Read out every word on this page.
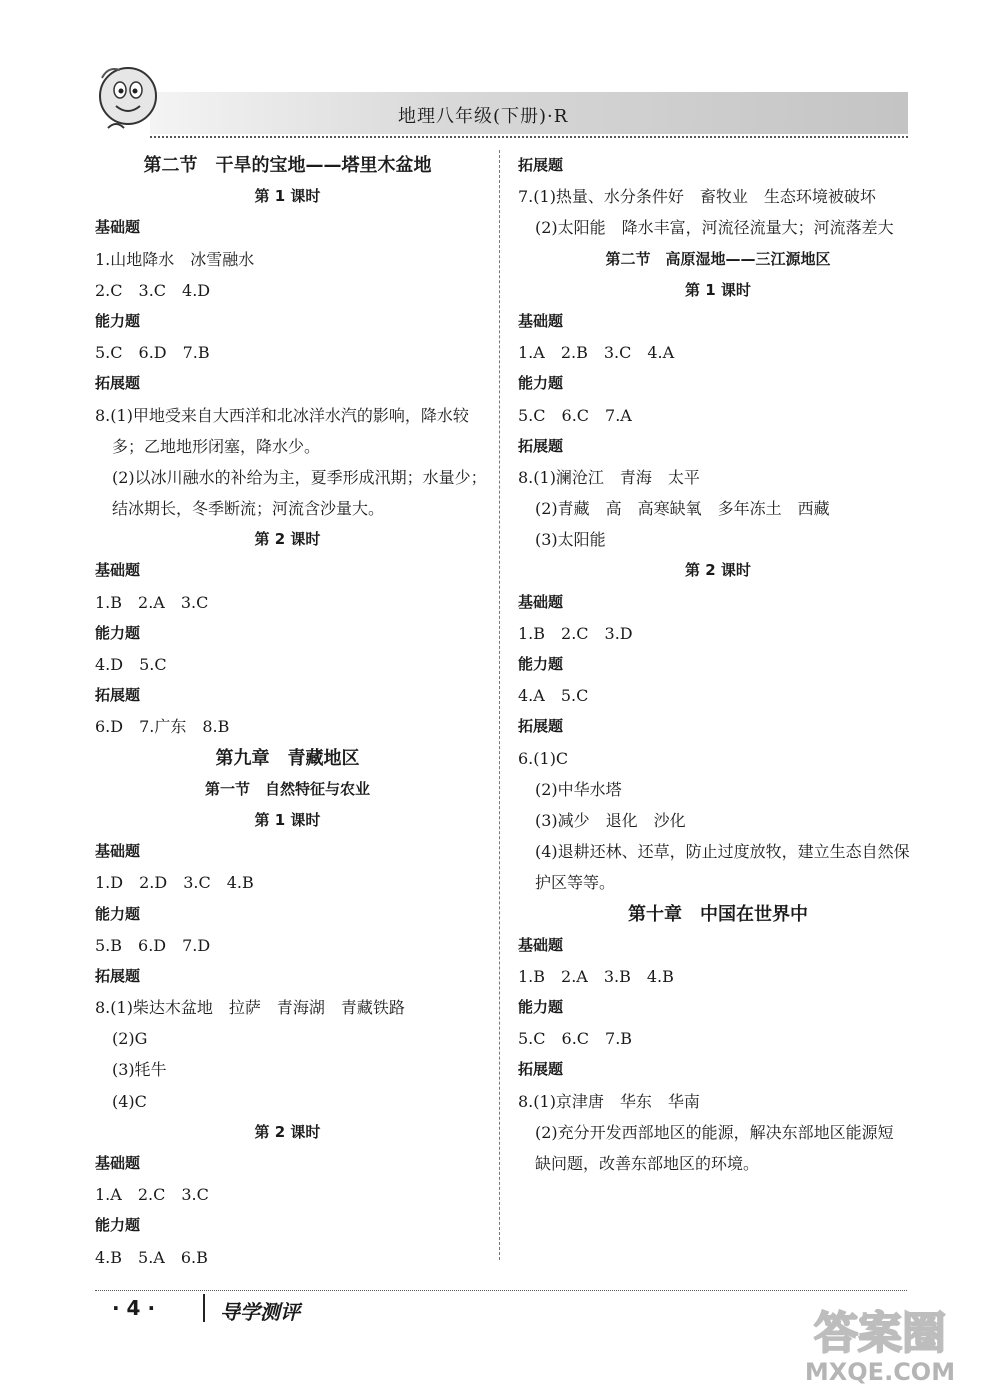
地理八年级(下册)·R
第二节　干旱的宝地——塔里木盆地
第 1 课时
基础题
1.山地降水　冰雪融水
2.C　3.C　4.D
能力题
5.C　6.D　7.B
拓展题
8.(1)甲地受来自大西洋和北冰洋水汽的影响，降水较
多；乙地地形闭塞，降水少。
(2)以冰川融水的补给为主，夏季形成汛期；水量少；
结冰期长，冬季断流；河流含沙量大。
第 2 课时
基础题
1.B　2.A　3.C
能力题
4.D　5.C
拓展题
6.D　7.广东　8.B
第九章　青藏地区
第一节　自然特征与农业
第 1 课时
基础题
1.D　2.D　3.C　4.B
能力题
5.B　6.D　7.D
拓展题
8.(1)柴达木盆地　拉萨　青海湖　青藏铁路
(2)G
(3)牦牛
(4)C
第 2 课时
基础题
1.A　2.C　3.C
能力题
4.B　5.A　6.B
拓展题
7.(1)热量、水分条件好　畜牧业　生态环境被破坏
(2)太阳能　降水丰富，河流径流量大；河流落差大
第二节　高原湿地——三江源地区
第 1 课时
基础题
1.A　2.B　3.C　4.A
能力题
5.C　6.C　7.A
拓展题
8.(1)澜沧江　青海　太平
(2)青藏　高　高寒缺氧　多年冻土　西藏
(3)太阳能
第 2 课时
基础题
1.B　2.C　3.D
能力题
4.A　5.C
拓展题
6.(1)C
(2)中华水塔
(3)减少　退化　沙化
(4)退耕还林、还草，防止过度放牧，建立生态自然保
护区等等。
第十章　中国在世界中
基础题
1.B　2.A　3.B　4.B
能力题
5.C　6.C　7.B
拓展题
8.(1)京津唐　华东　华南
(2)充分开发西部地区的能源，解决东部地区能源短
缺问题，改善东部地区的环境。
· 4 ·	导学测评	答案圈
MXQE.COM
